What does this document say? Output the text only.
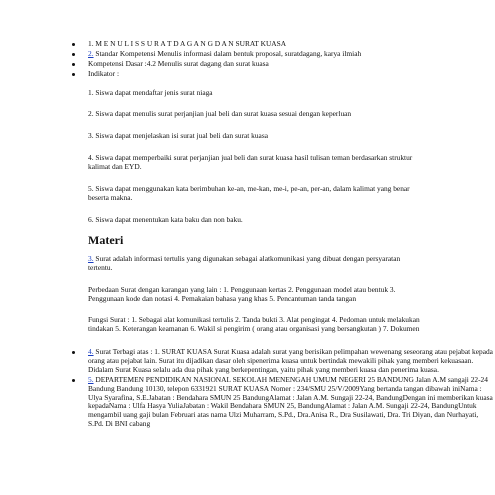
1. M E N U L I S S U R A T D A G A N G D A N SURAT KUASA
2. Standar Kompetensi Menulis informasi dalam bentuk proposal, suratdagang, karya ilmiah
Kompetensi Dasar :4.2 Menulis surat dagang dan surat kuasa
Indikator :

1. Siswa dapat mendaftar jenis surat niaga

2. Siswa dapat menulis surat perjanjian jual beli dan surat kuasa sesuai dengan keperluan

3. Siswa dapat menjelaskan isi surat jual beli dan surat kuasa

4. Siswa dapat memperbaiki surat perjanjian jual beli dan surat kuasa hasil tulisan teman berdasarkan struktur kalimat dan EYD.

5. Siswa dapat menggunakan kata berimbuhan ke-an, me-kan, me-i, pe-an, per-an, dalam kalimat yang benar beserta makna.

6. Siswa dapat menentukan kata baku dan non baku.

Materi

3. Surat adalah informasi tertulis yang digunakan sebagai alatkomunikasi yang dibuat dengan persyaratan tertentu.

Perbedaan Surat dengan karangan yang lain : 1. Penggunaan kertas 2. Penggunaan model atau bentuk 3. Penggunaan kode dan notasi 4. Pemakaian bahasa yang khas 5. Pencantuman tanda tangan

Fungsi Surat : 1. Sebagai alat komunikasi tertulis 2. Tanda bukti 3. Alat pengingat 4. Pedoman untuk melakukan tindakan 5. Keterangan keamanan 6. Wakil si pengirim ( orang atau organisasi yang bersangkutan ) 7. Dokumen

4. Surat Terbagi atas : 1. SURAT KUASA Surat Kuasa adalah surat yang berisikan pelimpahan wewenang seseorang atau pejabat kepada orang atau pejabat lain. Surat itu dijadikan dasar oleh sipenerima kuasa untuk bertindak mewakili pihak yang memberi kekuasaan. Didalam Surat Kuasa selalu ada dua pihak yang berkepentingan, yaitu pihak yang memberi kuasa dan penerima kuasa.
5. DEPARTEMEN PENDIDIKAN NASIONAL SEKOLAH MENENGAH UMUM NEGERI 25 BANDUNG Jalan A.M sangaji 22-24 Bandung Bandung 10130, telepon 6331921 SURAT KUASA Nomer : 234/SMU 25/V/2009Yang bertanda tangan dibawah iniNama : Ulya Syarafina, S.E.Jabatan : Bendahara SMUN 25 BandungAlamat : Jalan A.M. Sungaji 22-24, BandungDengan ini memberikan kuasa kepadaNama : Ulfa Hasya YuliaJabatan : Wakil Bendahara SMUN 25, BandungAlamat : Jalan A.M. Sungaji 22-24, BandungUntuk mengambil uang gaji bulan Februari atas nama Ulzi Muharram, S.Pd., Dra.Anisa R., Dra Susilawati, Dra. Tri Diyan, dan Nurhayati, S.Pd. Di BNI cabang
